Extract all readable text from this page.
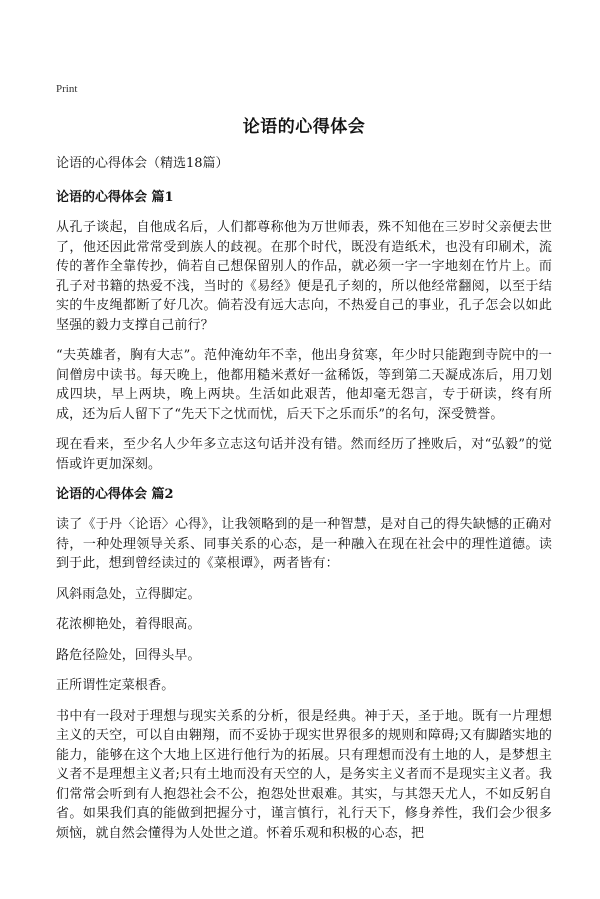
Print
论语的心得体会
论语的心得体会（精选18篇）
论语的心得体会 篇1

从孔子谈起，自他成名后，人们都尊称他为万世师表，殊不知他在三岁时父亲便去世了，他还因此常常受到族人的歧视。在那个时代，既没有造纸术，也没有印刷术，流传的著作全靠传抄，倘若自己想保留别人的作品，就必须一字一字地刻在竹片上。而孔子对书籍的热爱不浅，当时的《易经》便是孔子刻的，所以他经常翻阅，以至于结实的牛皮绳都断了好几次。倘若没有远大志向，不热爱自己的事业，孔子怎会以如此坚强的毅力支撑自己前行？

“夫英雄者，胸有大志”。范仲淹幼年不幸，他出身贫寒，年少时只能跑到寺院中的一间僧房中读书。每天晚上，他都用糙米煮好一盆稀饭，等到第二天凝成冻后，用刀划成四块，早上两块，晚上两块。生活如此艰苦，他却毫无怨言，专于研读，终有所成，还为后人留下了“先天下之忧而忧，后天下之乐而乐”的名句，深受赞誉。

现在看来，至少名人少年多立志这句话并没有错。然而经历了挫败后，对“弘毅”的觉悟或许更加深刻。

论语的心得体会 篇2

读了《于丹〈论语〉心得》，让我领略到的是一种智慧，是对自己的得失缺憾的正确对待，一种处理领导关系、同事关系的心态，是一种融入在现在社会中的理性道德。读到于此，想到曾经读过的《菜根谭》，两者皆有：

风斜雨急处，立得脚定。

花浓柳艳处，着得眼高。

路危径险处，回得头早。

正所谓性定菜根香。

书中有一段对于理想与现实关系的分析，很是经典。神于天，圣于地。既有一片理想主义的天空，可以自由翱翔，而不妥协于现实世界很多的规则和障碍;又有脚踏实地的能力，能够在这个大地上区进行他行为的拓展。只有理想而没有土地的人，是梦想主义者不是理想主义者;只有土地而没有天空的人，是务实主义者而不是现实主义者。我们常常会听到有人抱怨社会不公，抱怨处世艰难。其实，与其怨天尤人，不如反躬自省。如果我们真的能做到把握分寸，谨言慎行，礼行天下，修身养性，我们会少很多烦恼，就自然会懂得为人处世之道。怀着乐观和积极的心态，把
